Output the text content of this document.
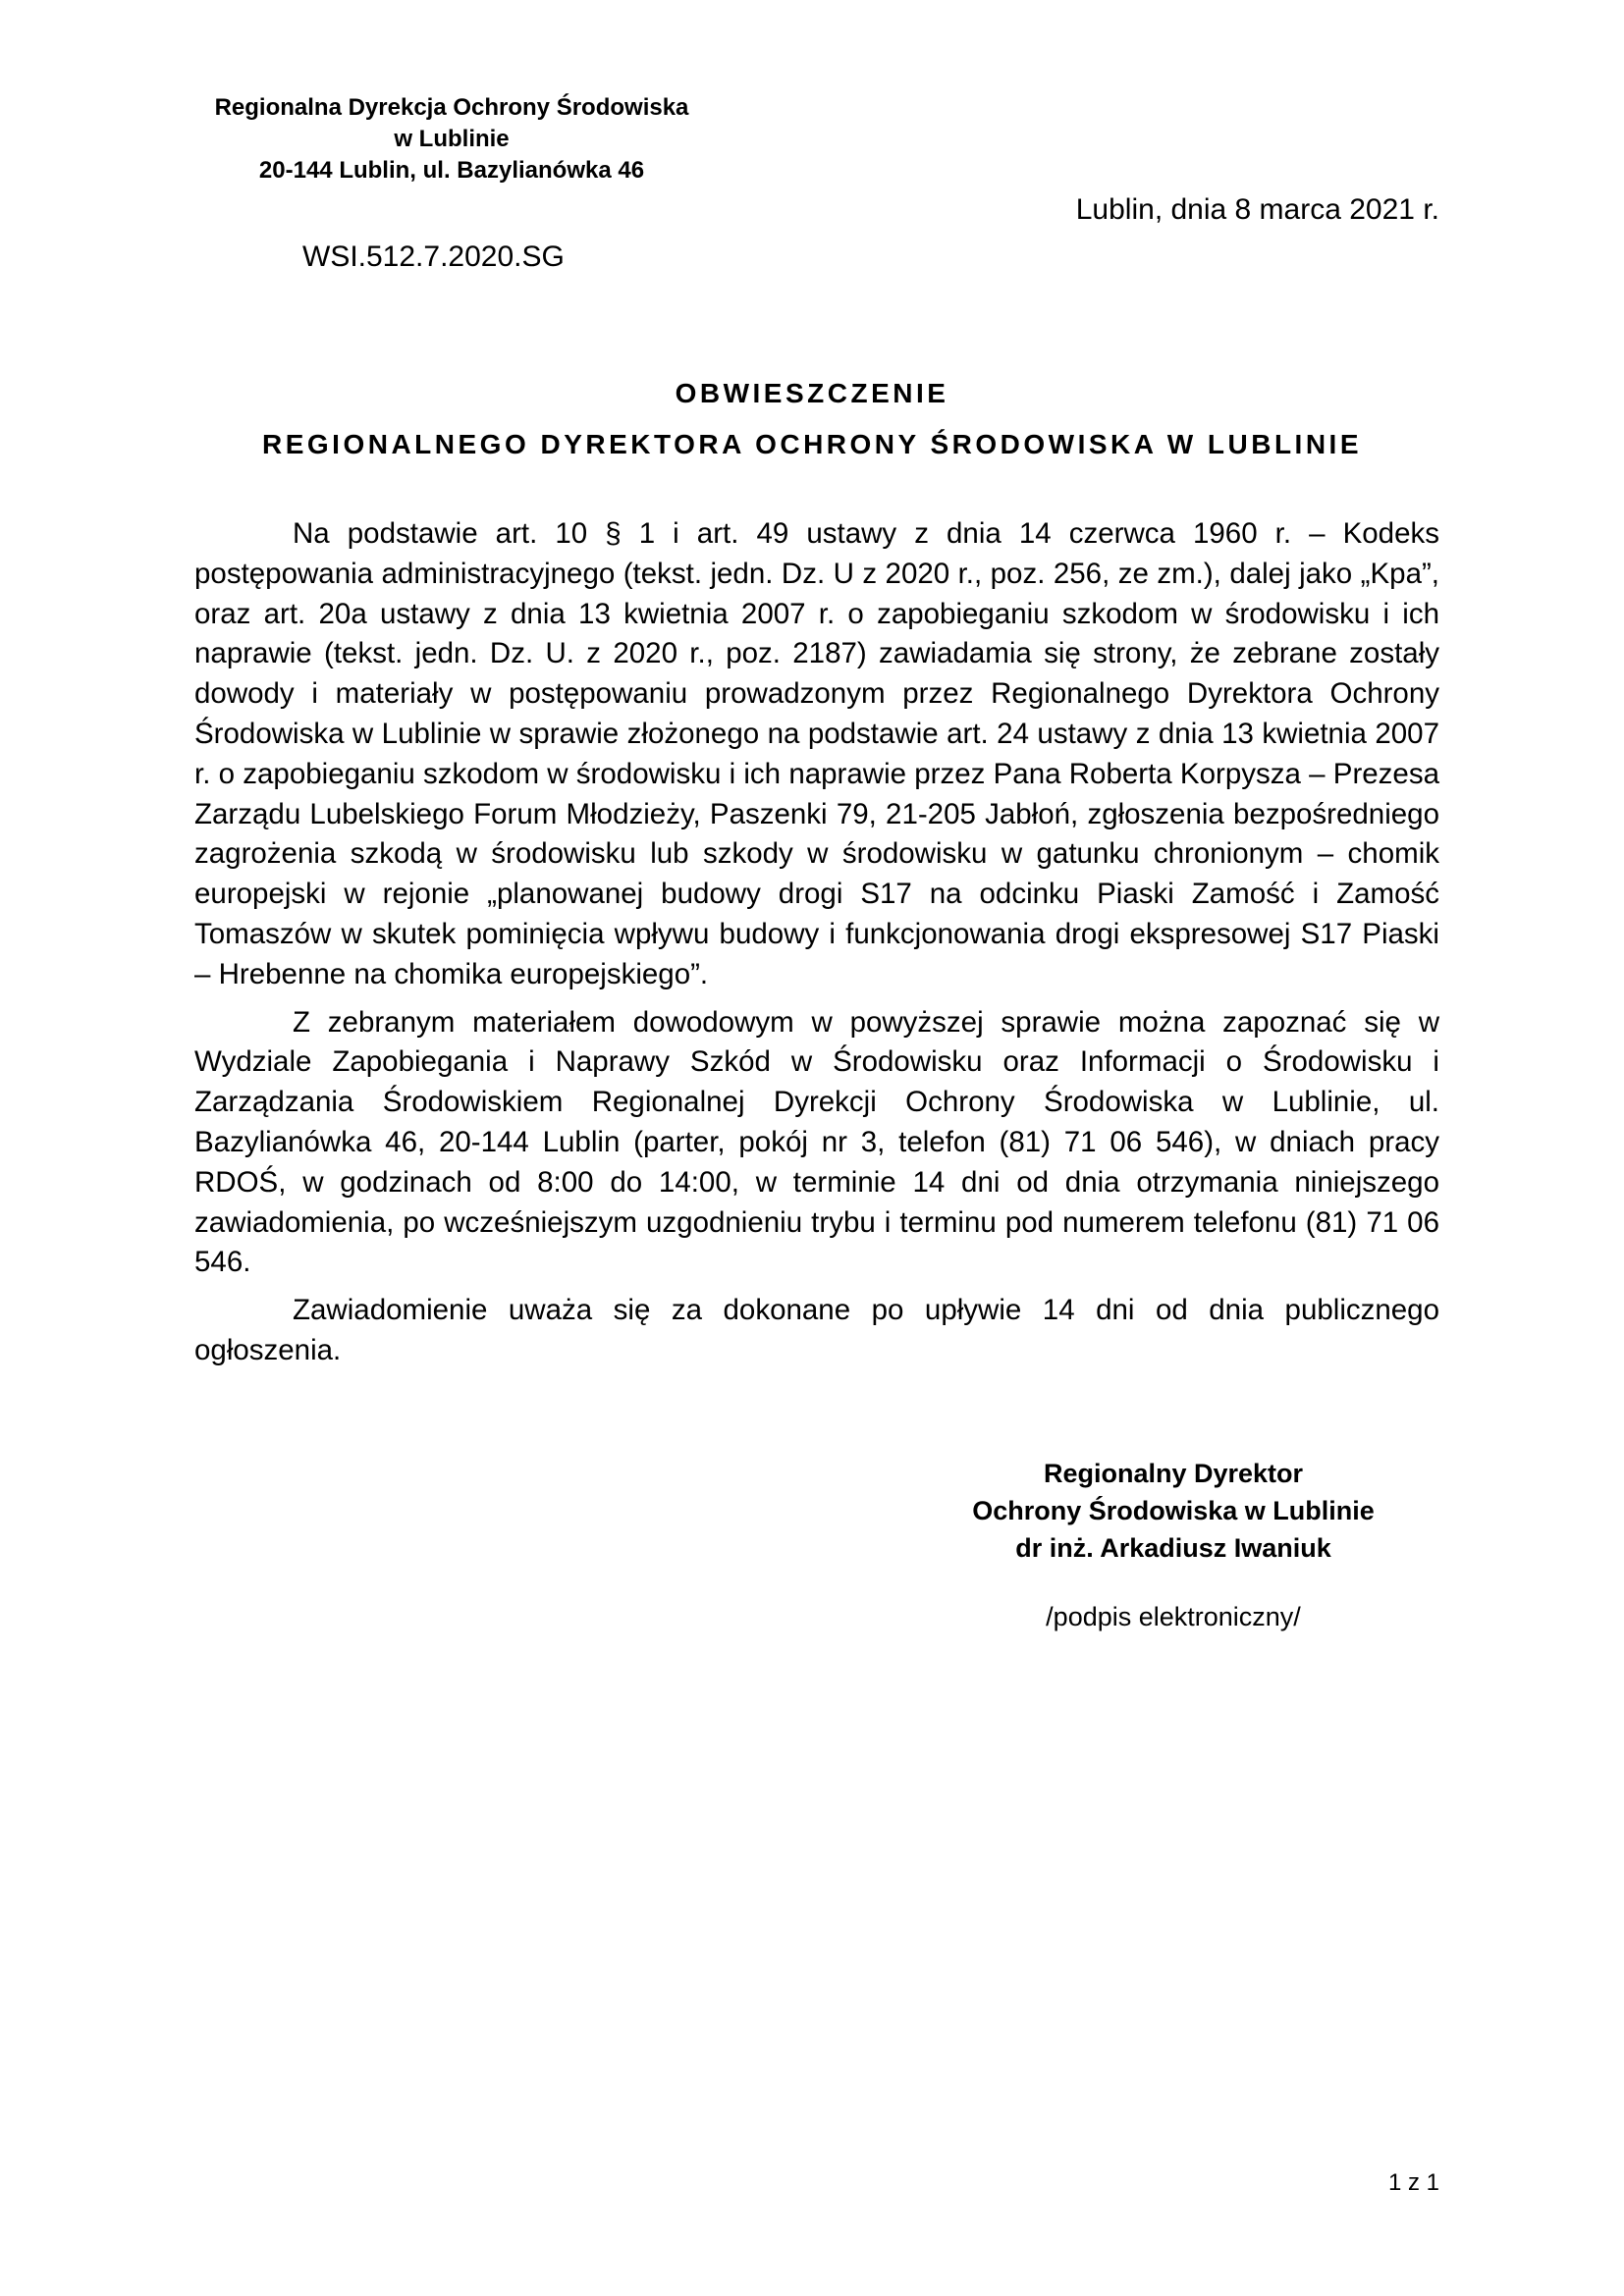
Regionalna Dyrekcja Ochrony Środowiska
w Lublinie
20-144 Lublin, ul. Bazylianówka 46
Lublin, dnia 8 marca 2021 r.
WSI.512.7.2020.SG
OBWIESZCZENIE
REGIONALNEGO DYREKTORA OCHRONY ŚRODOWISKA W LUBLINIE

Na podstawie art. 10 § 1 i art. 49 ustawy z dnia 14 czerwca 1960 r. – Kodeks postępowania administracyjnego (tekst. jedn. Dz. U z 2020 r., poz. 256, ze zm.), dalej jako „Kpa”, oraz art. 20a ustawy z dnia 13 kwietnia 2007 r. o zapobieganiu szkodom w środowisku i ich naprawie (tekst. jedn. Dz. U. z 2020 r., poz. 2187) zawiadamia się strony, że zebrane zostały dowody i materiały w postępowaniu prowadzonym przez Regionalnego Dyrektora Ochrony Środowiska w Lublinie w sprawie złożonego na podstawie art. 24 ustawy z dnia 13 kwietnia 2007 r. o zapobieganiu szkodom w środowisku i ich naprawie przez Pana Roberta Korpysza – Prezesa Zarządu Lubelskiego Forum Młodzieży, Paszenki 79, 21-205 Jabłoń, zgłoszenia bezpośredniego zagrożenia szkodą w środowisku lub szkody w środowisku w gatunku chronionym – chomik europejski w rejonie „planowanej budowy drogi S17 na odcinku Piaski Zamość i Zamość Tomaszów w skutek pominięcia wpływu budowy i funkcjonowania drogi ekspresowej S17 Piaski – Hrebenne na chomika europejskiego”.

Z zebranym materiałem dowodowym w powyższej sprawie można zapoznać się w Wydziale Zapobiegania i Naprawy Szkód w Środowisku oraz Informacji o Środowisku i Zarządzania Środowiskiem Regionalnej Dyrekcji Ochrony Środowiska w Lublinie, ul. Bazylianówka 46, 20-144 Lublin (parter, pokój nr 3, telefon (81) 71 06 546), w dniach pracy RDOŚ, w godzinach od 8:00 do 14:00, w terminie 14 dni od dnia otrzymania niniejszego zawiadomienia, po wcześniejszym uzgodnieniu trybu i terminu pod numerem telefonu (81) 71 06 546.

Zawiadomienie uważa się za dokonane po upływie 14 dni od dnia publicznego ogłoszenia.

Regionalny Dyrektor
Ochrony Środowiska w Lublinie
dr inż. Arkadiusz Iwaniuk
/podpis elektroniczny/
1 z 1
